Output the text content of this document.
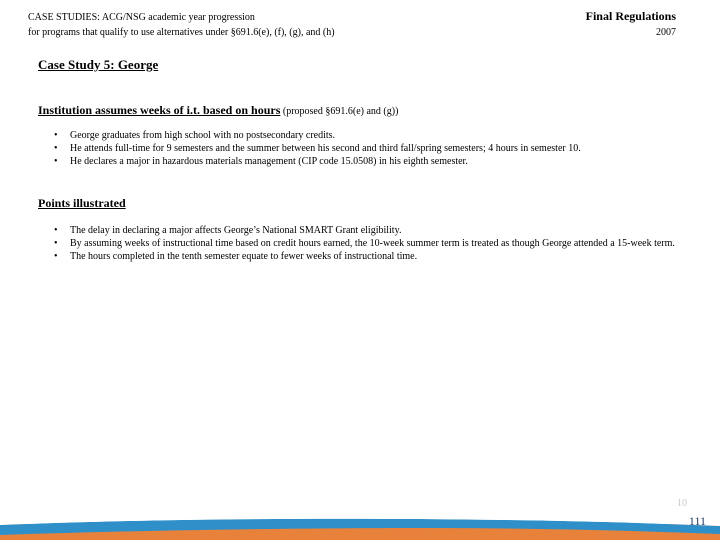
CASE STUDIES: ACG/NSG academic year progression
for programs that qualify to use alternatives under §691.6(e), (f), (g), and (h)
Final Regulations
2007
Case Study 5: George
Institution assumes weeks of i.t. based on hours (proposed §691.6(e) and (g))
• George graduates from high school with no postsecondary credits.
• He attends full-time for 9 semesters and the summer between his second and third fall/spring semesters; 4 hours in semester 10.
• He declares a major in hazardous materials management (CIP code 15.0508) in his eighth semester.
Points illustrated
• The delay in declaring a major affects George’s National SMART Grant eligibility.
• By assuming weeks of instructional time based on credit hours earned, the 10-week summer term is treated as though George attended a 15-week term.
• The hours completed in the tenth semester equate to fewer weeks of instructional time.
10
111
